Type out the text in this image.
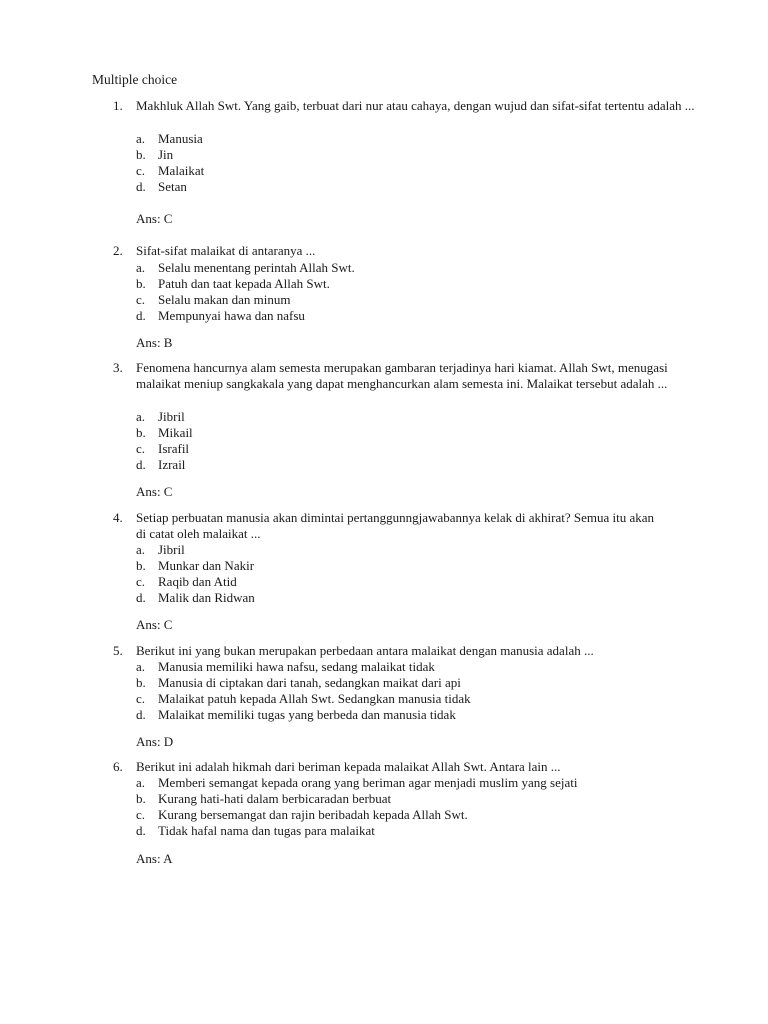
Multiple choice
1.	Makhluk Allah Swt. Yang gaib, terbuat dari nur atau cahaya, dengan wujud dan sifat-sifat tertentu adalah ...
a. Manusia
b. Jin
c. Malaikat
d. Setan
Ans: C
2.	Sifat-sifat malaikat di antaranya ...
a. Selalu menentang perintah Allah Swt.
b. Patuh dan taat kepada Allah Swt.
c. Selalu makan dan minum
d. Mempunyai hawa dan nafsu
Ans: B
3.	Fenomena hancurnya alam semesta merupakan gambaran terjadinya hari kiamat. Allah Swt, menugasi malaikat meniup sangkakala yang dapat menghancurkan alam semesta ini. Malaikat tersebut adalah ...
a. Jibril
b. Mikail
c. Israfil
d. Izrail
Ans: C
4.	Setiap perbuatan manusia akan dimintai pertanggunngjawabannya kelak di akhirat? Semua itu akan di catat oleh malaikat ...
a. Jibril
b. Munkar dan Nakir
c. Raqib dan Atid
d. Malik dan Ridwan
Ans: C
5.	Berikut ini yang bukan merupakan perbedaan antara malaikat dengan manusia adalah ...
a. Manusia memiliki hawa nafsu, sedang malaikat tidak
b. Manusia di ciptakan dari tanah, sedangkan maikat dari api
c. Malaikat patuh kepada Allah Swt. Sedangkan manusia tidak
d. Malaikat memiliki tugas yang berbeda dan manusia tidak
Ans: D
6.	Berikut ini adalah hikmah dari beriman kepada malaikat Allah Swt. Antara lain ...
a. Memberi semangat kepada orang yang beriman agar menjadi muslim yang sejati
b. Kurang hati-hati dalam berbicaradan berbuat
c. Kurang bersemangat dan rajin beribadah kepada Allah Swt.
d. Tidak hafal nama dan tugas para malaikat
Ans: A
